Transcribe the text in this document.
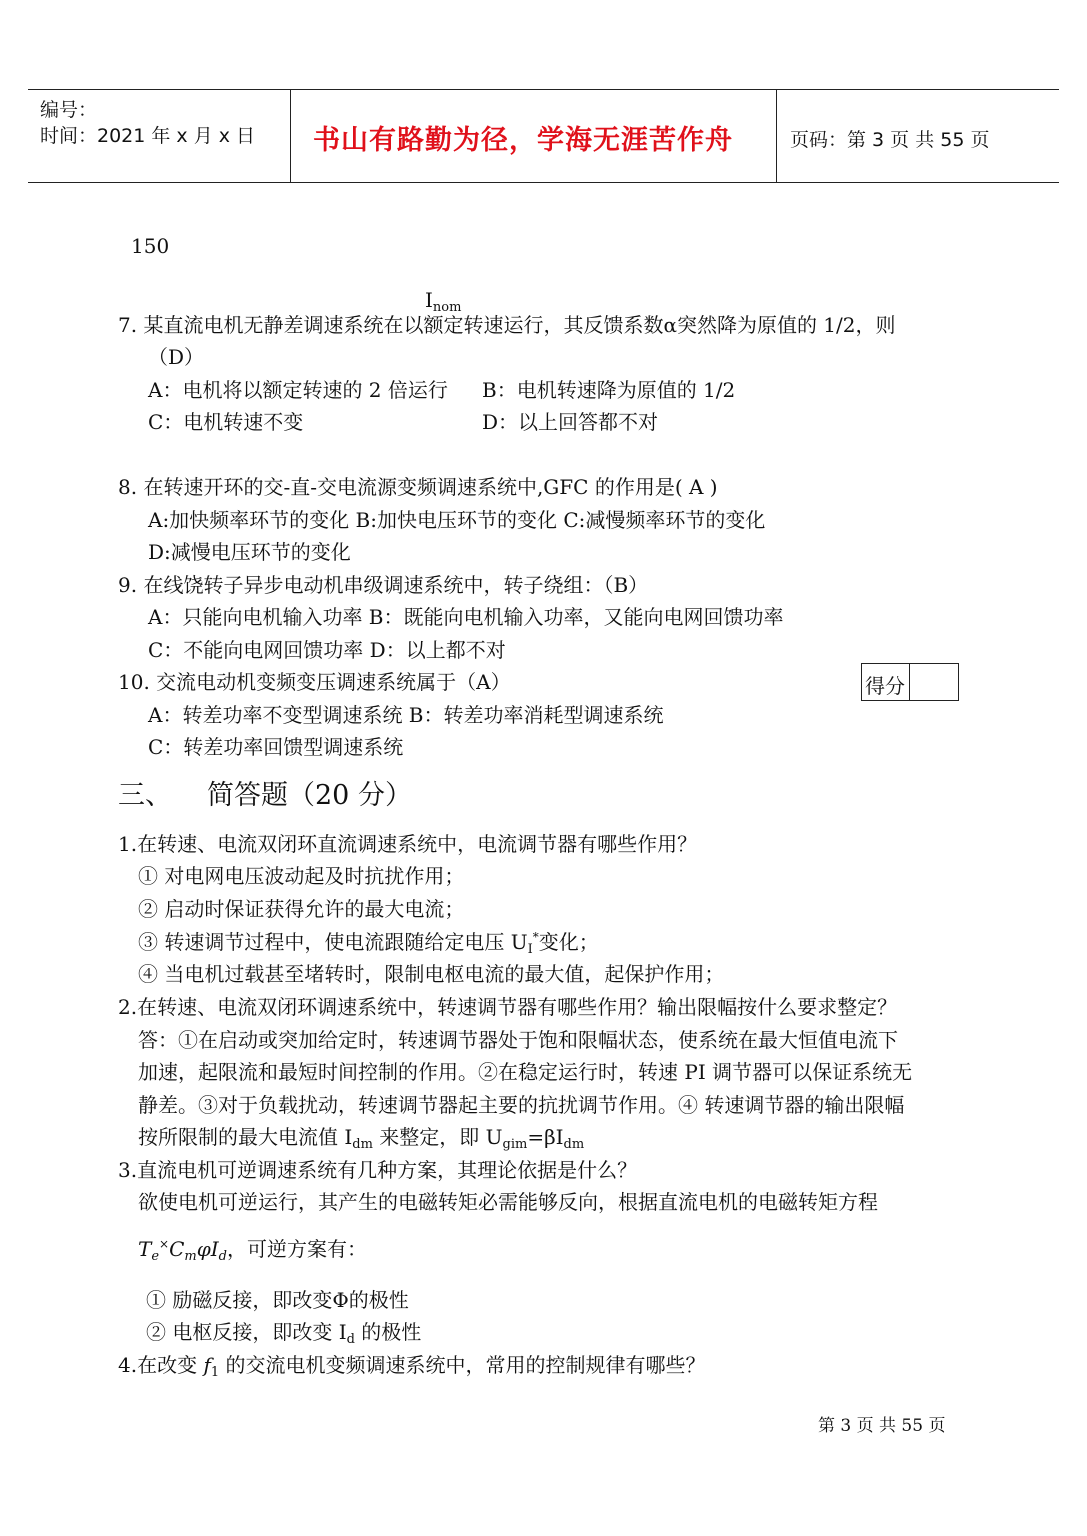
编号：
时间：2021 年 x 月 x 日 书山有路勤为径，学海无涯苦作舟	页码：第 3 页 共 55 页
150
$I_{nom}$
7. 某直流电机无静差调速系统在以额定转速运行，其反馈系数α突然降为原值的 1/2，则
（D）
A：电机将以额定转速的 2 倍运行 B：电机转速降为原值的 1/2
C：电机转速不变	D：以上回答都不对
8. 在转速开环的交-直-交电流源变频调速系统中,GFC 的作用是( A )
A:加快频率环节的变化 B:加快电压环节的变化 C:减慢频率环节的变化
D:减慢电压环节的变化
9. 在线饶转子异步电动机串级调速系统中，转子绕组：（B）
A：只能向电机输入功率 B：既能向电机输入功率，又能向电网回馈功率
C：不能向电网回馈功率 D：以上都不对
10. 交流电动机变频变压调速系统属于（A）
A：转差功率不变型调速系统 B：转差功率消耗型调速系统
C：转差功率回馈型调速系统
得分
三、 简答题（20 分）
1.在转速、电流双闭环直流调速系统中，电流调节器有哪些作用？
① 对电网电压波动起及时抗扰作用；
② 启动时保证获得允许的最大电流；
③ 转速调节过程中，使电流跟随给定电压 $U_I^*$变化；
④ 当电机过载甚至堵转时，限制电枢电流的最大值，起保护作用；
2.在转速、电流双闭环调速系统中，转速调节器有哪些作用？输出限幅按什么要求整定？
答：①在启动或突加给定时，转速调节器处于饱和限幅状态，使系统在最大恒值电流下
加速，起限流和最短时间控制的作用。②在稳定运行时，转速 PI 调节器可以保证系统无
静差。③对于负载扰动，转速调节器起主要的抗扰调节作用。④ 转速调节器的输出限幅
按所限制的最大电流值 $I_{dm}$ 来整定，即 $U_{gim}=\beta I_{dm}$
3.直流电机可逆调速系统有几种方案，其理论依据是什么？
欲使电机可逆运行，其产生的电磁转矩必需能够反向，根据直流电机的电磁转矩方程
$T_e^\times C_m\varphi I_d$，可逆方案有：
① 励磁反接，即改变Φ的极性
② 电枢反接，即改变 $I_d$ 的极性
4.在改变 $f_1$ 的交流电机变频调速系统中，常用的控制规律有哪些？
第 3 页 共 55 页
